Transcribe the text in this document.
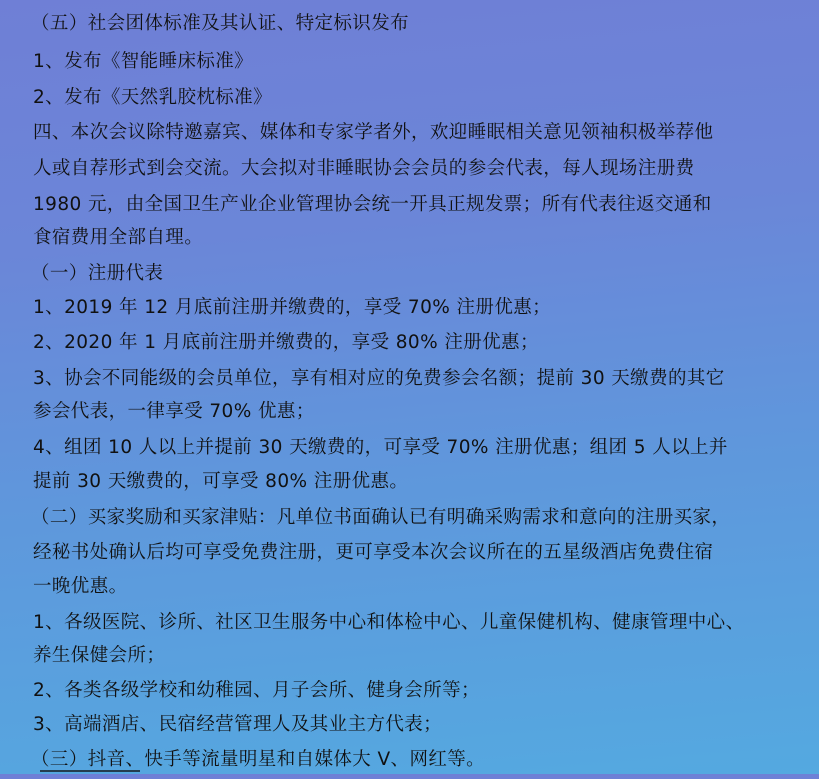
（五）社会团体标准及其认证、特定标识发布
1、发布《智能睡床标准》
2、发布《天然乳胶枕标准》
四、本次会议除特邀嘉宾、媒体和专家学者外，欢迎睡眠相关意见领袖积极举荐他
人或自荐形式到会交流。大会拟对非睡眠协会会员的参会代表，每人现场注册费
1980 元，由全国卫生产业企业管理协会统一开具正规发票；所有代表往返交通和
食宿费用全部自理。
（一）注册代表
1、2019 年 12 月底前注册并缴费的，享受 70% 注册优惠；
2、2020 年 1 月底前注册并缴费的，享受 80% 注册优惠；
3、协会不同能级的会员单位，享有相对应的免费参会名额；提前 30 天缴费的其它
参会代表，一律享受 70% 优惠；
4、组团 10 人以上并提前 30 天缴费的，可享受 70% 注册优惠；组团 5 人以上并
提前 30 天缴费的，可享受 80% 注册优惠。
（二）买家奖励和买家津贴：凡单位书面确认已有明确采购需求和意向的注册买家，
经秘书处确认后均可享受免费注册，更可享受本次会议所在的五星级酒店免费住宿
一晚优惠。
1、各级医院、诊所、社区卫生服务中心和体检中心、儿童保健机构、健康管理中心、
养生保健会所；
2、各类各级学校和幼稚园、月子会所、健身会所等；
3、高端酒店、民宿经营管理人及其业主方代表；
（三）抖音、快手等流量明星和自媒体大 V、网红等。
